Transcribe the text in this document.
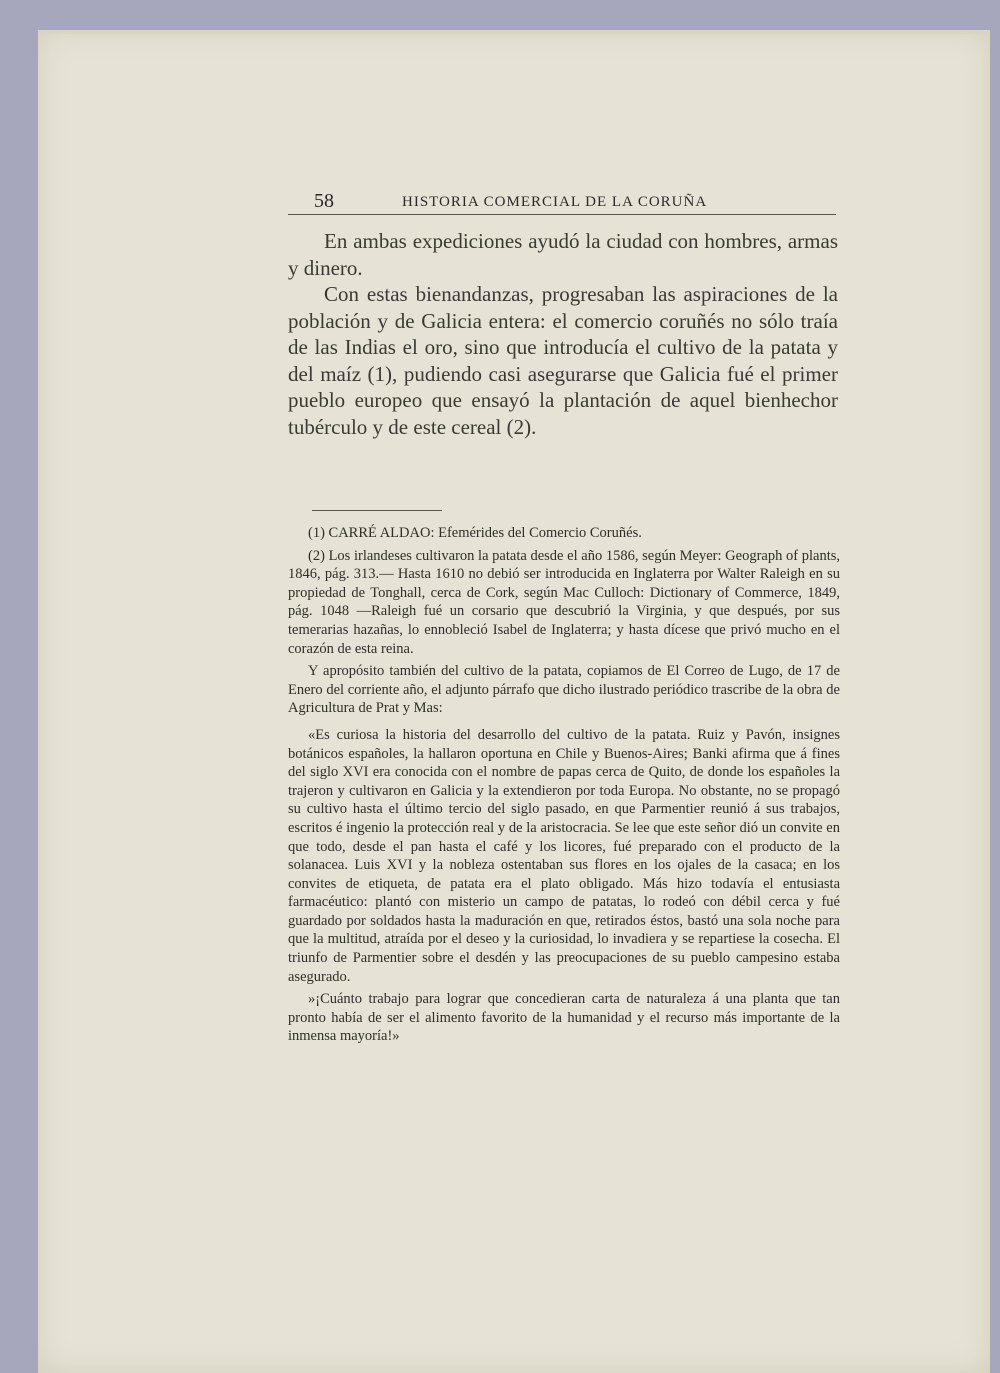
58	HISTORIA COMERCIAL DE LA CORUÑA

En ambas expediciones ayudó la ciudad con hombres, armas y dinero.

Con estas bienandanzas, progresaban las aspiraciones de la población y de Galicia entera: el comercio coruñés no sólo traía de las Indias el oro, sino que introducía el cultivo de la patata y del maíz (1), pudiendo casi asegurarse que Galicia fué el primer pueblo europeo que ensayó la plantación de aquel bienhechor tubérculo y de este cereal (2).

(1) CARRÉ ALDAO: Efemérides del Comercio Coruñés.

(2) Los irlandeses cultivaron la patata desde el año 1586, según Meyer: Geograph of plants, 1846, pág. 313.— Hasta 1610 no debió ser introducida en Inglaterra por Walter Raleigh en su propiedad de Tonghall, cerca de Cork, según Mac Culloch: Dictionary of Commerce, 1849, pág. 1048 —Raleigh fué un corsario que descubrió la Virginia, y que después, por sus temerarias hazañas, lo ennobleció Isabel de Inglaterra; y hasta dícese que privó mucho en el corazón de esta reina.

Y apropósito también del cultivo de la patata, copiamos de El Correo de Lugo, de 17 de Enero del corriente año, el adjunto párrafo que dicho ilustrado periódico trascribe de la obra de Agricultura de Prat y Mas:

«Es curiosa la historia del desarrollo del cultivo de la patata. Ruiz y Pavón, insignes botánicos españoles, la hallaron oportuna en Chile y Buenos-Aires; Banki afirma que á fines del siglo XVI era conocida con el nombre de papas cerca de Quito, de donde los españoles la trajeron y cultivaron en Galicia y la extendieron por toda Europa. No obstante, no se propagó su cultivo hasta el último tercio del siglo pasado, en que Parmentier reunió á sus trabajos, escritos é ingenio la protección real y de la aristocracia. Se lee que este señor dió un convite en que todo, desde el pan hasta el café y los licores, fué preparado con el producto de la solanacea. Luis XVI y la nobleza ostentaban sus flores en los ojales de la casaca; en los convites de etiqueta, de patata era el plato obligado. Más hizo todavía el entusiasta farmacéutico: plantó con misterio un campo de patatas, lo rodeó con débil cerca y fué guardado por soldados hasta la maduración en que, retirados éstos, bastó una sola noche para que la multitud, atraída por el deseo y la curiosidad, lo invadiera y se repartiese la cosecha. El triunfo de Parmentier sobre el desdén y las preocupaciones de su pueblo campesino estaba asegurado.

»¡Cuánto trabajo para lograr que concedieran carta de naturaleza á una planta que tan pronto había de ser el alimento favorito de la humanidad y el recurso más importante de la inmensa mayoría!»
